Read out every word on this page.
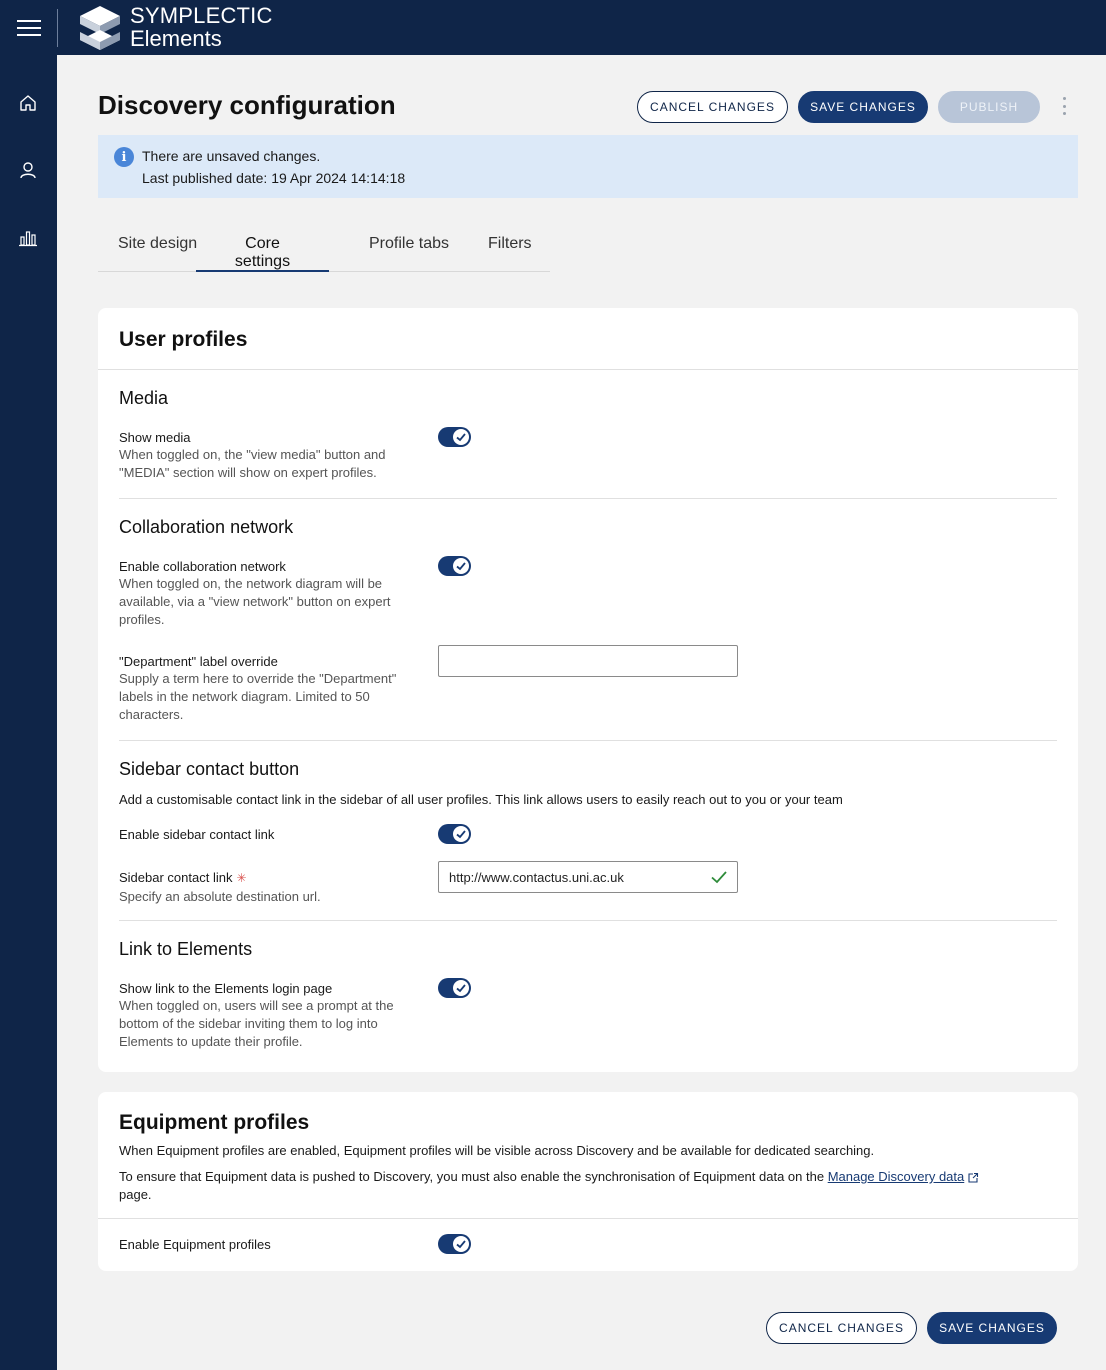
SYMPLECTIC
Elements
Discovery configuration	CANCEL CHANGES	SAVE CHANGES	PUBLISH
i	There are unsaved changes.
Last published date: 19 Apr 2024 14:14:18
Site design	Core settings
Profile tabs Filters
User profiles
Media
Show media
When toggled on, the "view media" button and "MEDIA" section will show on expert profiles.
Collaboration network
Enable collaboration network
When toggled on, the network diagram will be available, via a "view network" button on expert profiles.
"Department" label override
Supply a term here to override the "Department" labels in the network diagram. Limited to 50 characters.
Sidebar contact button
Add a customisable contact link in the sidebar of all user profiles. This link allows users to easily reach out to you or your team
Enable sidebar contact link
Sidebar contact link ✳
Specify an absolute destination url.
http://www.contactus.uni.ac.uk
Link to Elements
Show link to the Elements login page
When toggled on, users will see a prompt at the bottom of the sidebar inviting them to log into Elements to update their profile.
Equipment profiles
When Equipment profiles are enabled, Equipment profiles will be visible across Discovery and be available for dedicated searching.
To ensure that Equipment data is pushed to Discovery, you must also enable the synchronisation of Equipment data on the Manage Discovery data
page.
Enable Equipment profiles
CANCEL CHANGES	SAVE CHANGES
